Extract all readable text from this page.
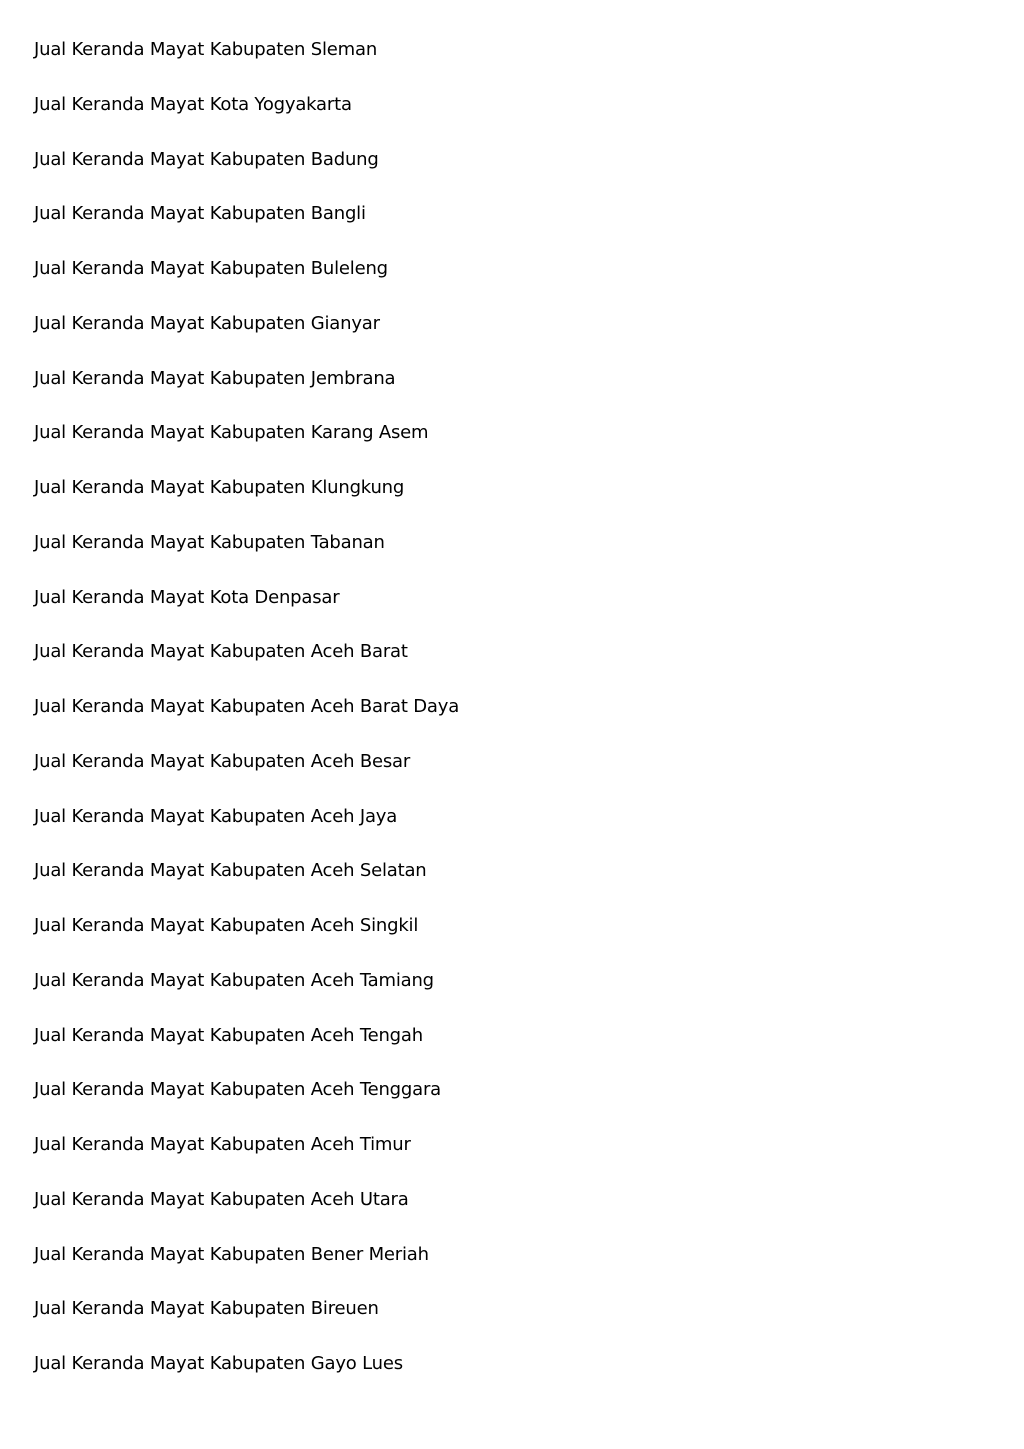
Jual Keranda Mayat Kabupaten Sleman
Jual Keranda Mayat Kota Yogyakarta
Jual Keranda Mayat Kabupaten Badung
Jual Keranda Mayat Kabupaten Bangli
Jual Keranda Mayat Kabupaten Buleleng
Jual Keranda Mayat Kabupaten Gianyar
Jual Keranda Mayat Kabupaten Jembrana
Jual Keranda Mayat Kabupaten Karang Asem
Jual Keranda Mayat Kabupaten Klungkung
Jual Keranda Mayat Kabupaten Tabanan
Jual Keranda Mayat Kota Denpasar
Jual Keranda Mayat Kabupaten Aceh Barat
Jual Keranda Mayat Kabupaten Aceh Barat Daya
Jual Keranda Mayat Kabupaten Aceh Besar
Jual Keranda Mayat Kabupaten Aceh Jaya
Jual Keranda Mayat Kabupaten Aceh Selatan
Jual Keranda Mayat Kabupaten Aceh Singkil
Jual Keranda Mayat Kabupaten Aceh Tamiang
Jual Keranda Mayat Kabupaten Aceh Tengah
Jual Keranda Mayat Kabupaten Aceh Tenggara
Jual Keranda Mayat Kabupaten Aceh Timur
Jual Keranda Mayat Kabupaten Aceh Utara
Jual Keranda Mayat Kabupaten Bener Meriah
Jual Keranda Mayat Kabupaten Bireuen
Jual Keranda Mayat Kabupaten Gayo Lues
